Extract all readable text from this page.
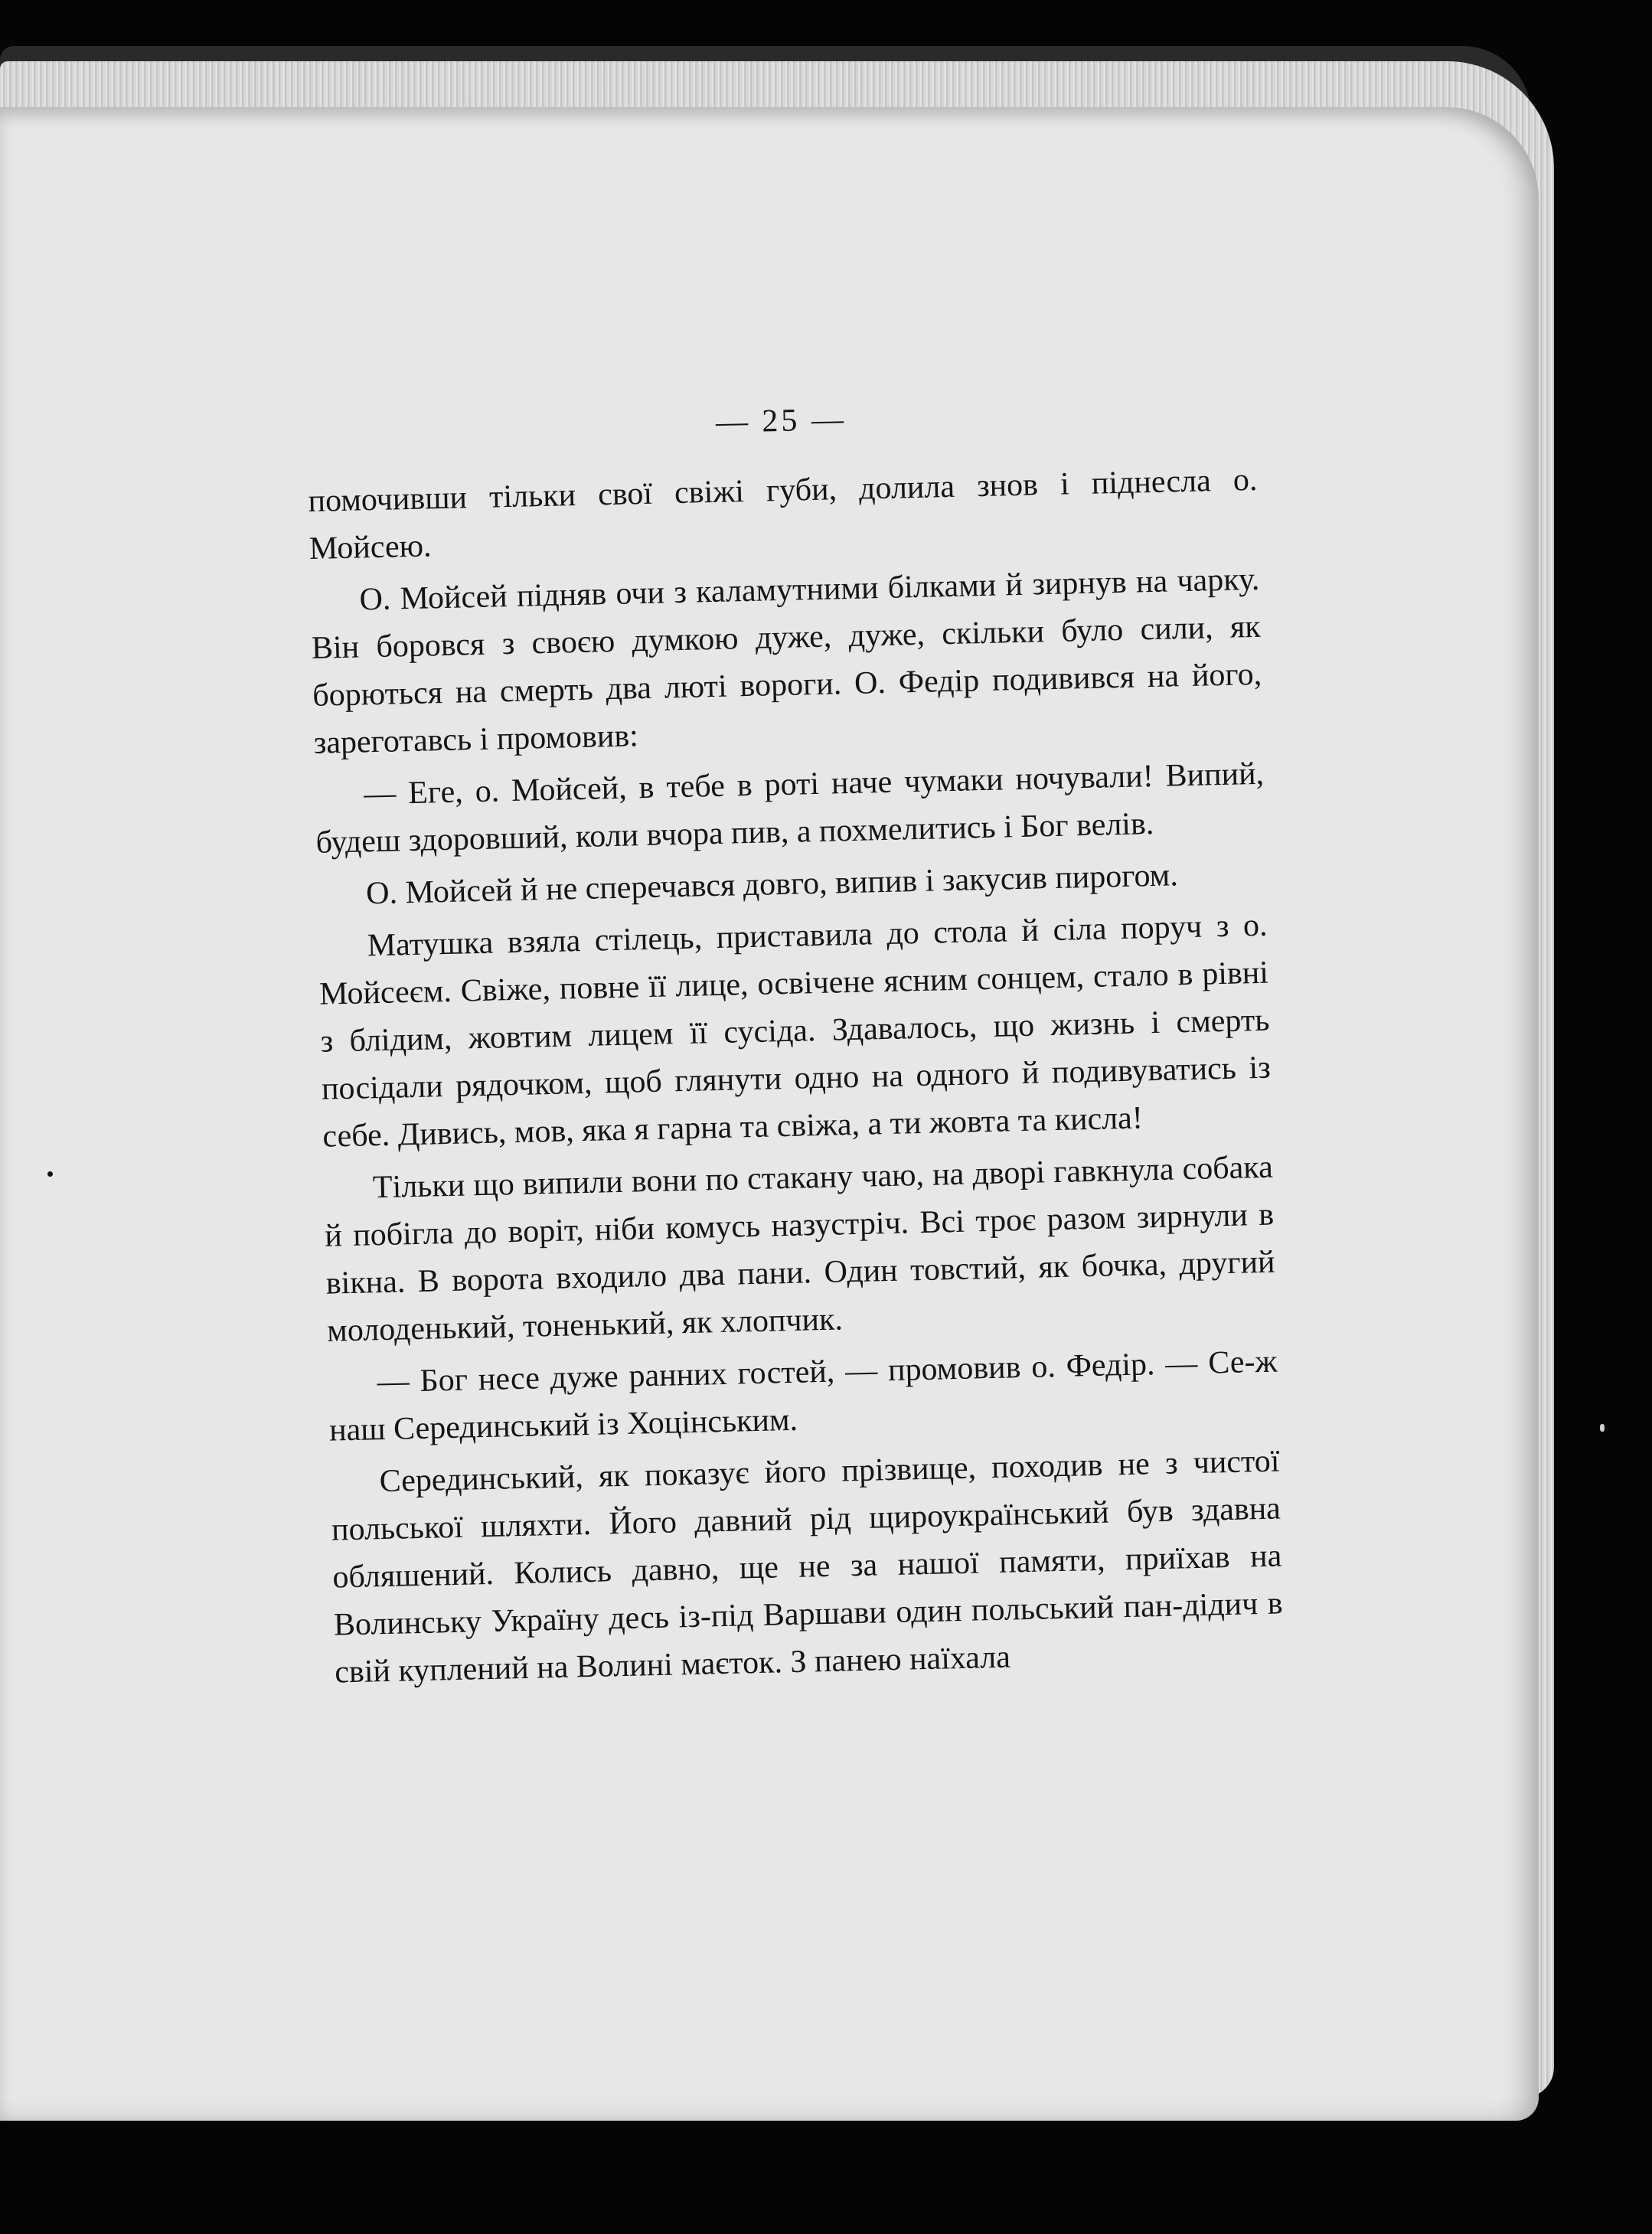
— 25 —

помочивши тільки свої свіжі губи, долила знов і піднесла о. Мойсею.

О. Мойсей підняв очи з каламутними білками й зирнув на чарку. Він боровся з своєю думкою дуже, дуже, скільки було сили, як борються на смерть два люті вороги. О. Федір подивився на його, зареготавсь і промовив:

— Еге, о. Мойсей, в тебе в роті наче чумаки ночували! Випий, будеш здоровший, коли вчора пив, а похмелитись і Бог велів.

О. Мойсей й не сперечався довго, випив і закусив пирогом.

Матушка взяла стілець, приставила до стола й сіла поруч з о. Мойсеєм. Свіже, повне її лице, освічене ясним сонцем, стало в рівні з блідим, жовтим лицем її сусіда. Здавалось, що жизнь і смерть посідали рядочком, щоб глянути одно на одного й подивуватись із себе. Дивись, мов, яка я гарна та свіжа, а ти жовта та кисла!

Тільки що випили вони по стакану чаю, на дворі гавкнула собака й побігла до воріт, ніби комусь назустріч. Всі троє разом зирнули в вікна. В ворота входило два пани. Один товстий, як бочка, другий молоденький, тоненький, як хлопчик.

— Бог несе дуже ранних гостей, — промовив о. Федір. — Се-ж наш Серединський із Хоцінським.

Серединський, як показує його прізвище, походив не з чистої польської шляхти. Його давний рід щироукраїнський був здавна обляшений. Колись давно, ще не за нашої памяти, приїхав на Волинську Україну десь із-під Варшави один польський пан-дідич в свій куплений на Волині маєток. З панею наїхала
